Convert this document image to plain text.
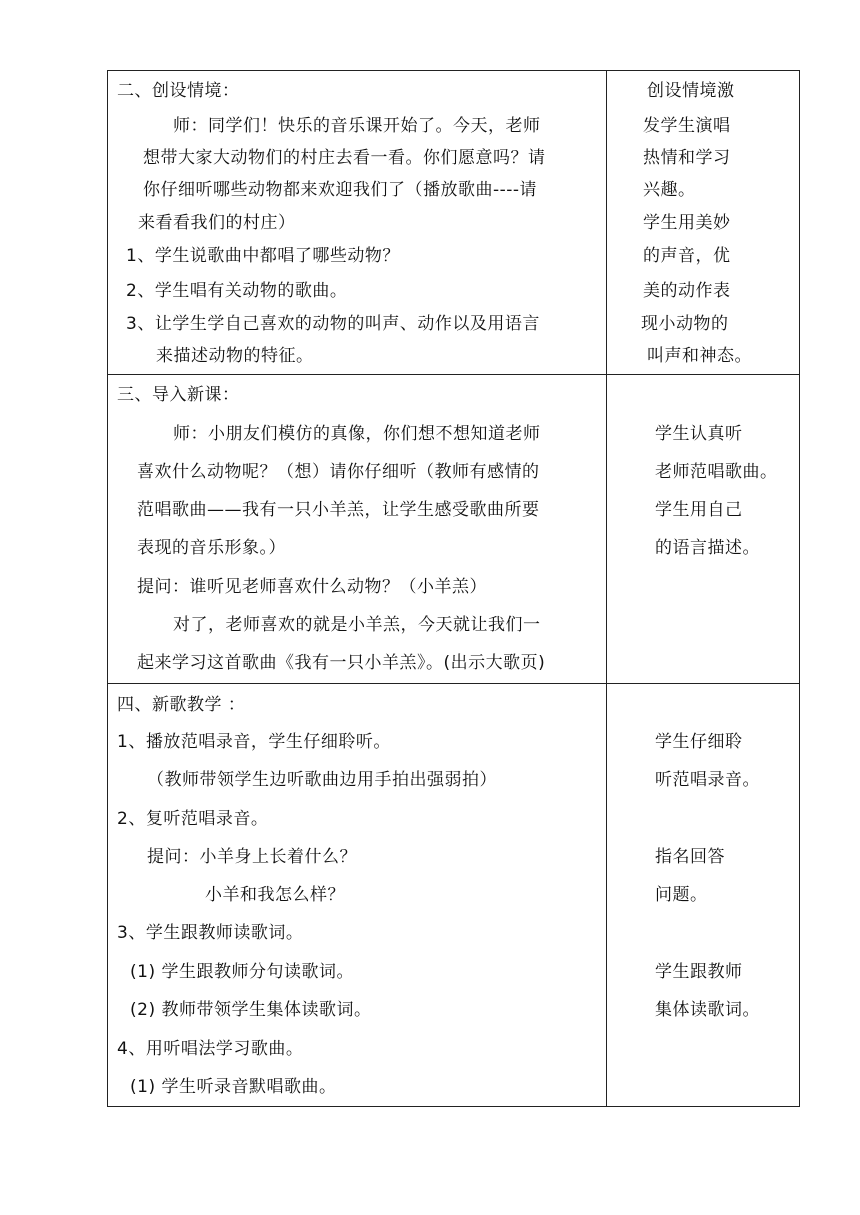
二、创设情境：
师：同学们！快乐的音乐课开始了。今天，老师
想带大家大动物们的村庄去看一看。你们愿意吗？请
你仔细听哪些动物都来欢迎我们了（播放歌曲----请
来看看我们的村庄）
1、学生说歌曲中都唱了哪些动物？
2、学生唱有关动物的歌曲。
3、让学生学自己喜欢的动物的叫声、动作以及用语言
来描述动物的特征。
创设情境激
发学生演唱
热情和学习
兴趣。
学生用美妙
的声音，优
美的动作表
现小动物的
叫声和神态。
三、导入新课：
师：小朋友们模仿的真像，你们想不想知道老师
喜欢什么动物呢？（想）请你仔细听（教师有感情的
范唱歌曲——我有一只小羊羔，让学生感受歌曲所要
表现的音乐形象。）
提问：谁听见老师喜欢什么动物？（小羊羔）
对了，老师喜欢的就是小羊羔，今天就让我们一
起来学习这首歌曲《我有一只小羊羔》。(出示大歌页)
学生认真听
老师范唱歌曲。
学生用自己
的语言描述。
四、新歌教学 ：
1、播放范唱录音，学生仔细聆听。
（教师带领学生边听歌曲边用手拍出强弱拍）
2、复听范唱录音。
提问：小羊身上长着什么？
小羊和我怎么样？
3、学生跟教师读歌词。
(1) 学生跟教师分句读歌词。
(2) 教师带领学生集体读歌词。
4、用听唱法学习歌曲。
(1) 学生听录音默唱歌曲。
学生仔细聆
听范唱录音。
指名回答
问题。
学生跟教师
集体读歌词。
